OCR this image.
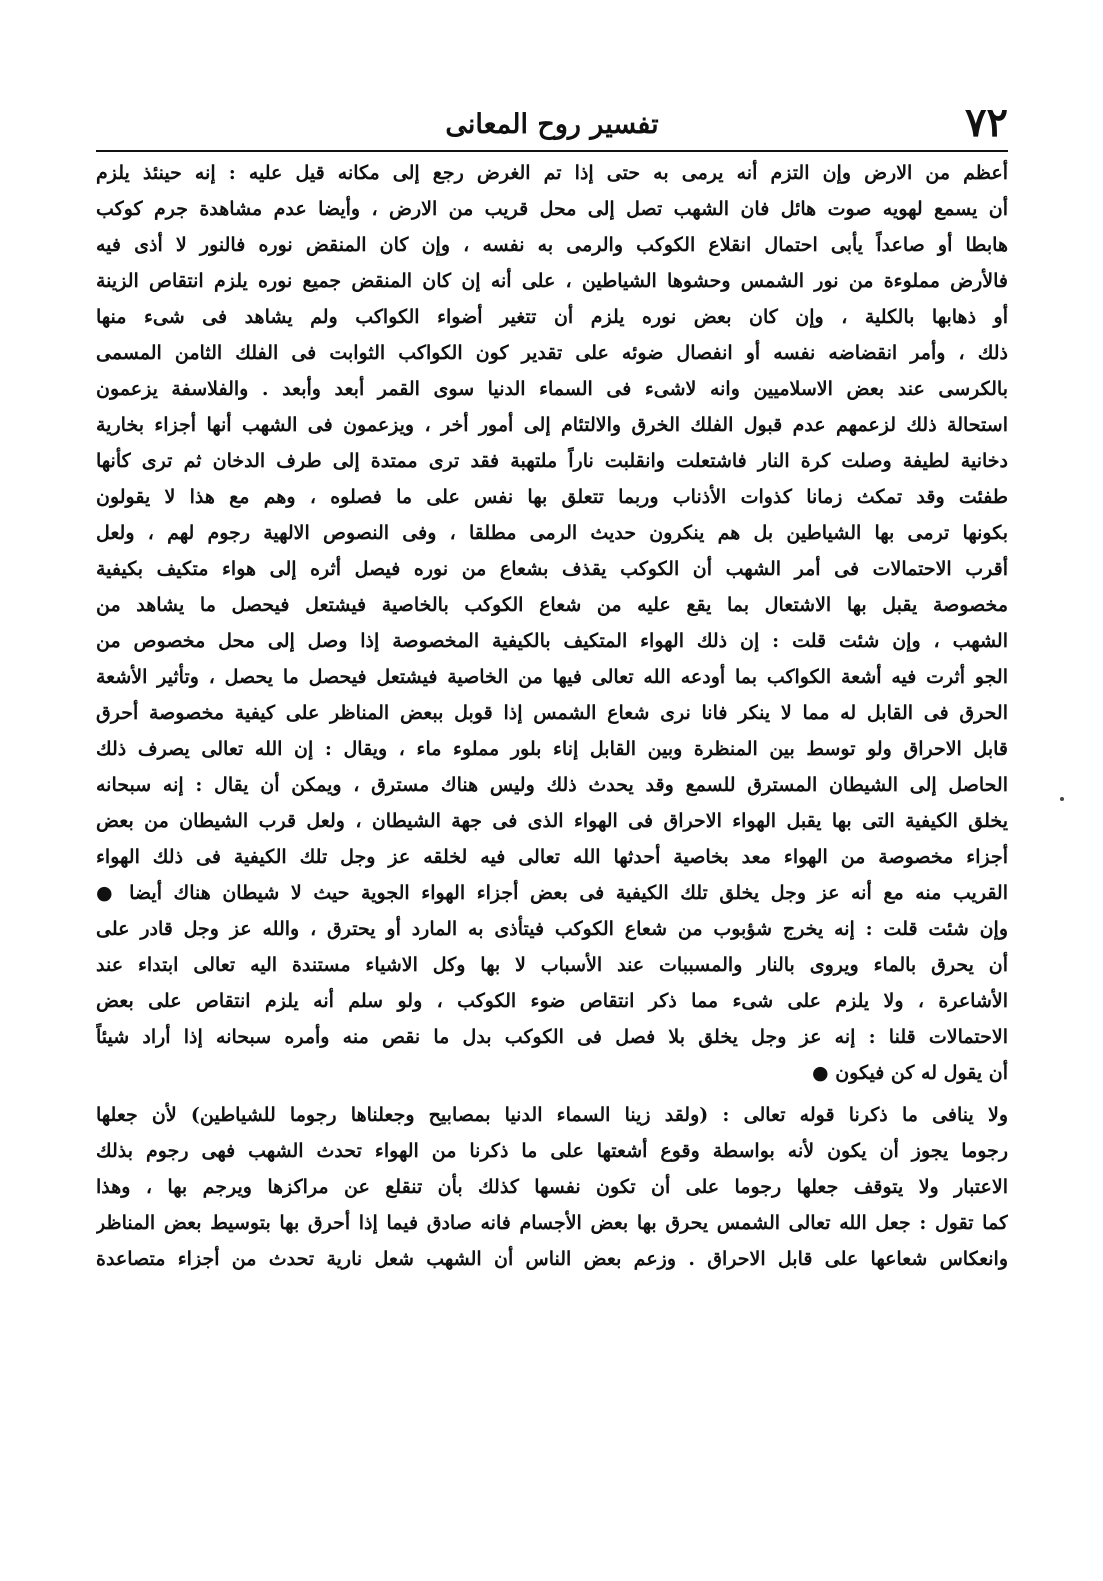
٧٢
تفسير روح المعانى
أعظم من الارض وإن التزم أنه يرمى به حتى إذا تم الغرض رجع إلى مكانه قيل عليه : إنه حينئذ يلزم
أن يسمع لهويه صوت هائل فان الشهب تصل إلى محل قريب من الارض ، وأيضا عدم مشاهدة جرم كوكب
هابطا أو صاعداً يأبى احتمال انقلاع الكوكب والرمى به نفسه ، وإن كان المنقض نوره فالنور لا أذى فيه
فالأرض مملوءة من نور الشمس وحشوها الشياطين ، على أنه إن كان المنقض جميع نوره يلزم انتقاص الزينة
أو ذهابها بالكلية ، وإن كان بعض نوره يلزم أن تتغير أضواء الكواكب ولم يشاهد فى شىء منها
ذلك ، وأمر انقضاضه نفسه أو انفصال ضوئه على تقدير كون الكواكب الثوابت فى الفلك الثامن المسمى
بالكرسى عند بعض الاسلاميين وانه لاشىء فى السماء الدنيا سوى القمر أبعد وأبعد . والفلاسفة يزعمون
استحالة ذلك لزعمهم عدم قبول الفلك الخرق والالتئام إلى أمور أخر ، ويزعمون فى الشهب أنها أجزاء بخارية
دخانية لطيفة وصلت كرة النار فاشتعلت وانقلبت ناراً ملتهبة فقد ترى ممتدة إلى طرف الدخان ثم ترى كأنها
طفئت وقد تمكث زمانا كذوات الأذناب وربما تتعلق بها نفس على ما فصلوه ، وهم مع هذا لا يقولون
بكونها ترمى بها الشياطين بل هم ينكرون حديث الرمى مطلقا ، وفى النصوص الالهية رجوم لهم ، ولعل
أقرب الاحتمالات فى أمر الشهب أن الكوكب يقذف بشعاع من نوره فيصل أثره إلى هواء متكيف بكيفية
مخصوصة يقبل بها الاشتعال بما يقع عليه من شعاع الكوكب بالخاصية فيشتعل فيحصل ما يشاهد من
الشهب ، وإن شئت قلت : إن ذلك الهواء المتكيف بالكيفية المخصوصة إذا وصل إلى محل مخصوص من
الجو أثرت فيه أشعة الكواكب بما أودعه الله تعالى فيها من الخاصية فيشتعل فيحصل ما يحصل ، وتأثير الأشعة
الحرق فى القابل له مما لا ينكر فانا نرى شعاع الشمس إذا قوبل ببعض المناظر على كيفية مخصوصة أحرق
قابل الاحراق ولو توسط بين المنظرة وبين القابل إناء بلور مملوء ماء ، ويقال : إن الله تعالى يصرف ذلك
الحاصل إلى الشيطان المسترق للسمع وقد يحدث ذلك وليس هناك مسترق ، ويمكن أن يقال : إنه سبحانه
يخلق الكيفية التى بها يقبل الهواء الاحراق فى الهواء الذى فى جهة الشيطان ، ولعل قرب الشيطان من بعض
أجزاء مخصوصة من الهواء معد بخاصية أحدثها الله تعالى فيه لخلقه عز وجل تلك الكيفية فى ذلك الهواء
القريب منه مع أنه عز وجل يخلق تلك الكيفية فى بعض أجزاء الهواء الجوية حيث لا شيطان هناك أيضا ●
وإن شئت قلت : إنه يخرج شؤبوب من شعاع الكوكب فيتأذى به المارد أو يحترق ، والله عز وجل قادر على
أن يحرق بالماء ويروى بالنار والمسببات عند الأسباب لا بها وكل الاشياء مستندة اليه تعالى ابتداء عند
الأشاعرة ، ولا يلزم على شىء مما ذكر انتقاص ضوء الكوكب ، ولو سلم أنه يلزم انتقاص على بعض
الاحتمالات قلنا : إنه عز وجل يخلق بلا فصل فى الكوكب بدل ما نقص منه وأمره سبحانه إذا أراد شيئاً
أن يقول له كن فيكون ●
ولا ينافى ما ذكرنا قوله تعالى : (ولقد زينا السماء الدنيا بمصابيح وجعلناها رجوما للشياطين) لأن جعلها
رجوما يجوز أن يكون لأنه بواسطة وقوع أشعتها على ما ذكرنا من الهواء تحدث الشهب فهى رجوم بذلك
الاعتبار ولا يتوقف جعلها رجوما على أن تكون نفسها كذلك بأن تنقلع عن مراكزها ويرجم بها ، وهذا
كما تقول : جعل الله تعالى الشمس يحرق بها بعض الأجسام فانه صادق فيما إذا أحرق بها بتوسيط بعض المناظر
وانعكاس شعاعها على قابل الاحراق . وزعم بعض الناس أن الشهب شعل نارية تحدث من أجزاء متصاعدة
